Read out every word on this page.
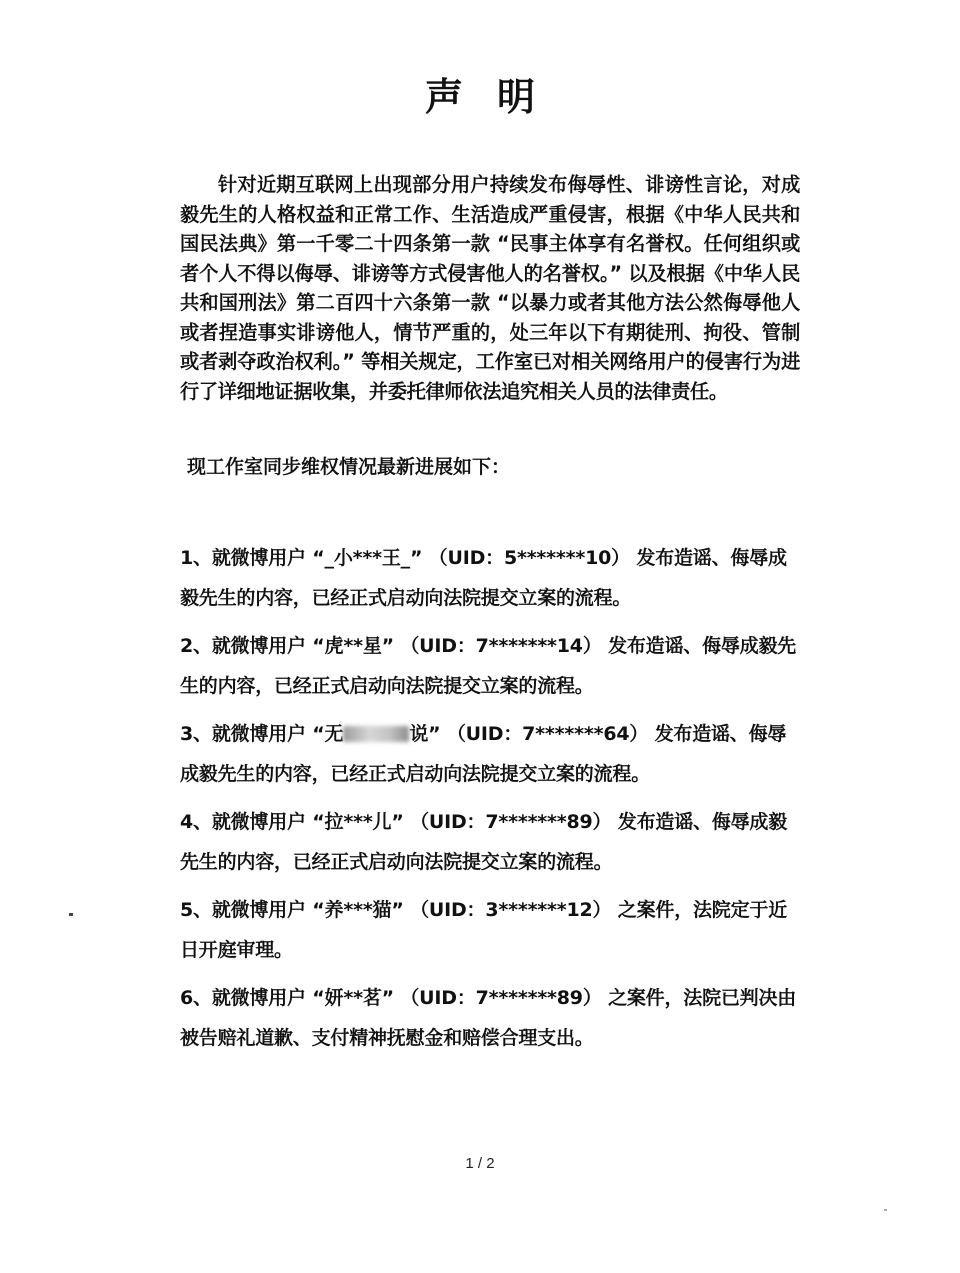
声明
针对近期互联网上出现部分用户持续发布侮辱性、诽谤性言论，对成毅先生的人格权益和正常工作、生活造成严重侵害，根据《中华人民共和国民法典》第一千零二十四条第一款 “民事主体享有名誉权。任何组织或者个人不得以侮辱、诽谤等方式侵害他人的名誉权。” 以及根据《中华人民共和国刑法》第二百四十六条第一款 “以暴力或者其他方法公然侮辱他人或者捏造事实诽谤他人，情节严重的，处三年以下有期徒刑、拘役、管制或者剥夺政治权利。” 等相关规定，工作室已对相关网络用户的侵害行为进行了详细地证据收集，并委托律师依法追究相关人员的法律责任。
现工作室同步维权情况最新进展如下：
1、就微博用户 “_小***王_” （UID：5*******10） 发布造谣、侮辱成毅先生的内容，已经正式启动向法院提交立案的流程。
2、就微博用户 “虎**星” （UID：7*******14） 发布造谣、侮辱成毅先生的内容，已经正式启动向法院提交立案的流程。
3、就微博用户 “无	说” （UID：7*******64） 发布造谣、侮辱成毅先生的内容，已经正式启动向法院提交立案的流程。
4、就微博用户 “拉***儿” （UID：7*******89） 发布造谣、侮辱成毅先生的内容，已经正式启动向法院提交立案的流程。
5、就微博用户 “养***猫” （UID：3*******12） 之案件，法院定于近日开庭审理。
6、就微博用户 “妍**茗” （UID：7*******89） 之案件，法院已判决由被告赔礼道歉、支付精神抚慰金和赔偿合理支出。
1 / 2
